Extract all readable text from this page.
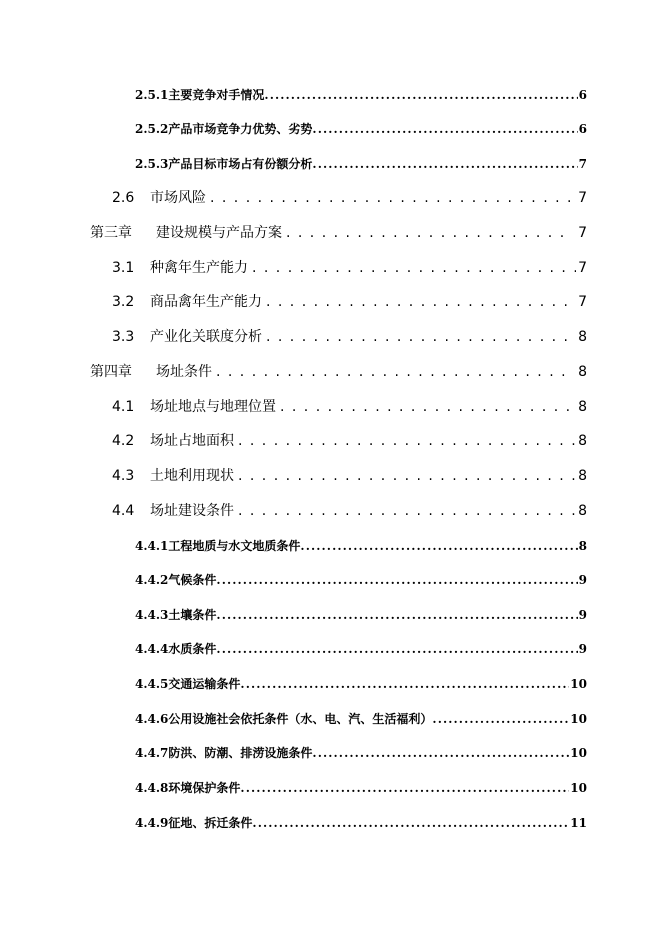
2.5.1主要竞争对手情况 .....	6
2.5.2产品市场竞争力优势、劣势 .....	6
2.5.3产品目标市场占有份额分析 .....	7
2.6 市场风险 . . .	7
第三章 建设规模与产品方案 . . .	7
3.1 种禽年生产能力 . . .	7
3.2 商品禽年生产能力 . . .	7
3.3 产业化关联度分析 . . .	8
第四章 场址条件 . . .	8
4.1 场址地点与地理位置 . . .	8
4.2 场址占地面积 . . .	8
4.3 土地利用现状 . . .	8
4.4 场址建设条件 . . .	8
4.4.1工程地质与水文地质条件 .....	8
4.4.2气候条件 .....	9
4.4.3土壤条件 .....	9
4.4.4水质条件 .....	9
4.4.5交通运输条件 .....	10
4.4.6公用设施社会依托条件（水、电、汽、生活福利） .....	10
4.4.7防洪、防潮、排涝设施条件 .....	10
4.4.8环境保护条件 .....	10
4.4.9征地、拆迁条件 .....	11
